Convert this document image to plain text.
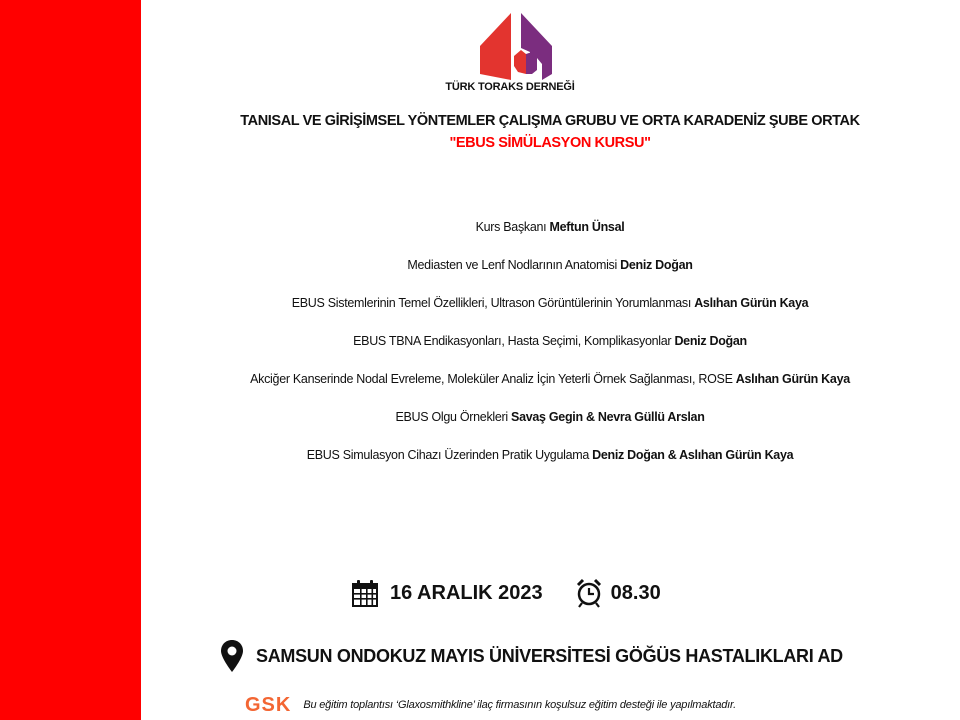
TÜRK TORAKS DERNEĞİ
TANISAL VE GİRİŞİMSEL YÖNTEMLER ÇALIŞMA GRUBU VE ORTA KARADENİZ ŞUBE ORTAK
"EBUS SİMÜLASYON KURSU"
Kurs Başkanı Meftun Ünsal
Mediasten ve Lenf Nodlarının Anatomisi Deniz Doğan
EBUS Sistemlerinin Temel Özellikleri, Ultrason Görüntülerinin Yorumlanması Aslıhan Gürün Kaya
EBUS TBNA Endikasyonları, Hasta Seçimi, Komplikasyonlar Deniz Doğan
Akciğer Kanserinde Nodal Evreleme, Moleküler Analiz İçin Yeterli Örnek Sağlanması, ROSE Aslıhan Gürün Kaya
EBUS Olgu Örnekleri Savaş Gegin & Nevra Güllü Arslan
EBUS Simulasyon Cihazı Üzerinden Pratik Uygulama Deniz Doğan & Aslıhan Gürün Kaya
16 ARALIK 2023	08.30
SAMSUN ONDOKUZ MAYIS ÜNİVERSİTESİ GÖĞÜS HASTALIKLARI AD
GSK Bu eğitim toplantısı ‘Glaxosmithkline’ ilaç firmasının koşulsuz eğitim desteği ile yapılmaktadır.
